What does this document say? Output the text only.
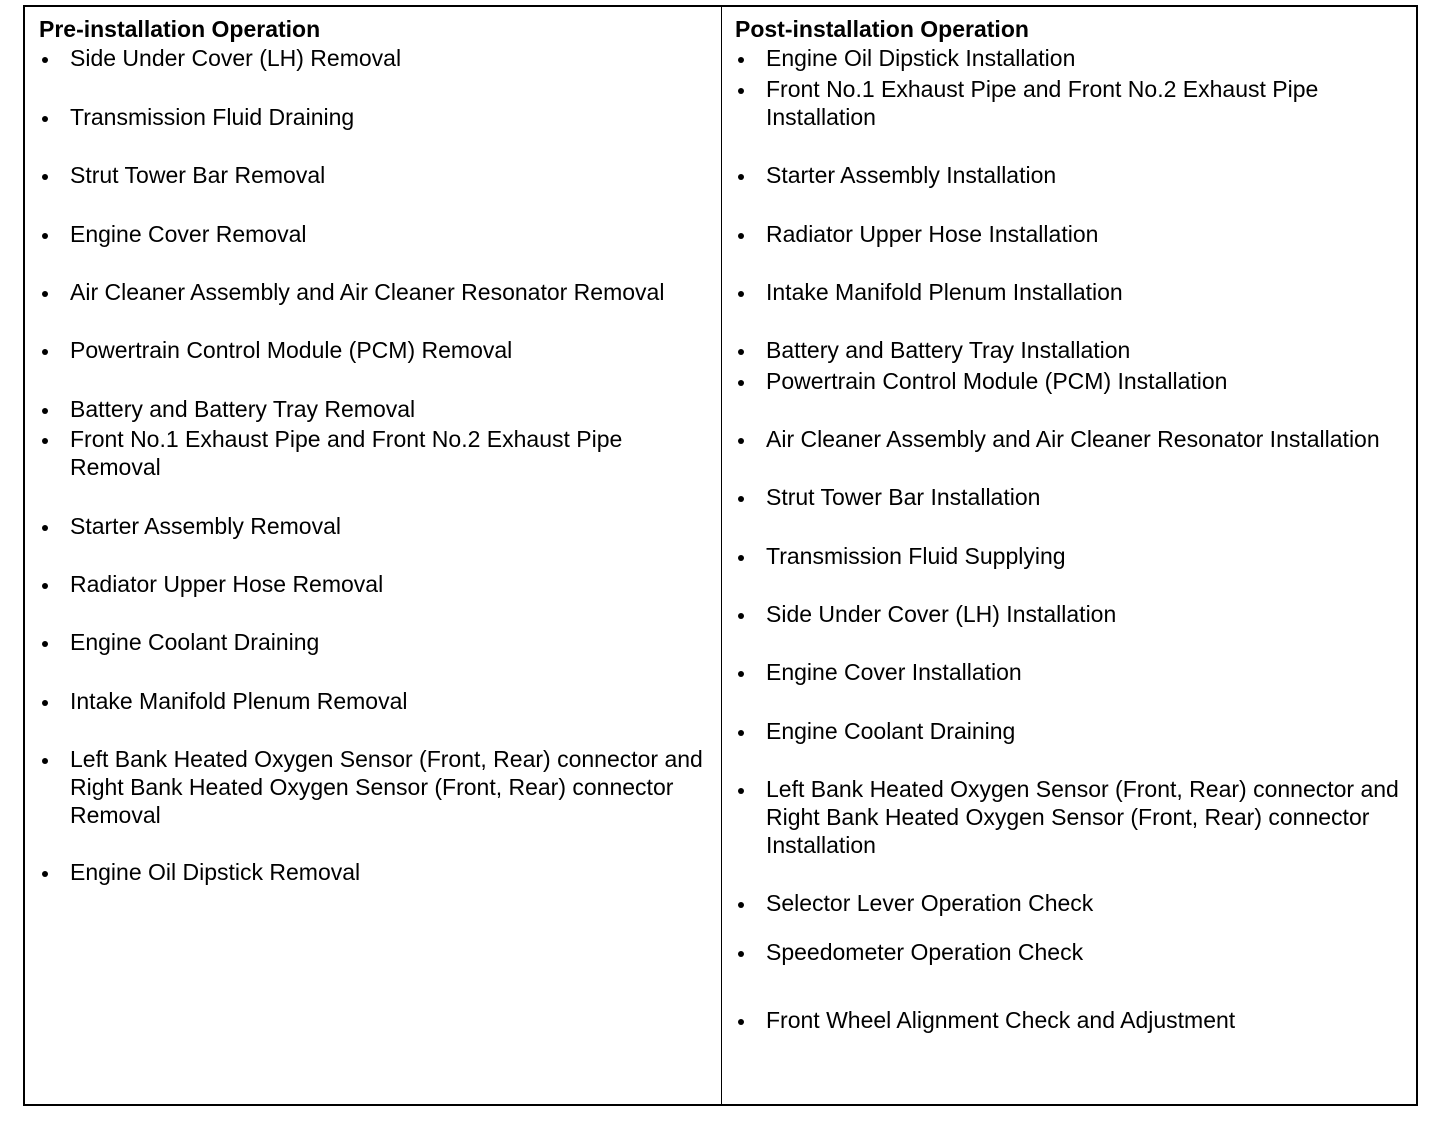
Pre-installation Operation
Side Under Cover (LH) Removal
Transmission Fluid Draining
Strut Tower Bar Removal
Engine Cover Removal
Air Cleaner Assembly and Air Cleaner Resonator Removal
Powertrain Control Module (PCM) Removal
Battery and Battery Tray Removal
Front No.1 Exhaust Pipe and Front No.2 Exhaust Pipe Removal
Starter Assembly Removal
Radiator Upper Hose Removal
Engine Coolant Draining
Intake Manifold Plenum Removal
Left Bank Heated Oxygen Sensor (Front, Rear) connector and Right Bank Heated Oxygen Sensor (Front, Rear) connector Removal
Engine Oil Dipstick Removal
Post-installation Operation
Engine Oil Dipstick Installation
Front No.1 Exhaust Pipe and Front No.2 Exhaust Pipe Installation
Starter Assembly Installation
Radiator Upper Hose Installation
Intake Manifold Plenum Installation
Battery and Battery Tray Installation
Powertrain Control Module (PCM) Installation
Air Cleaner Assembly and Air Cleaner Resonator Installation
Strut Tower Bar Installation
Transmission Fluid Supplying
Side Under Cover (LH) Installation
Engine Cover Installation
Engine Coolant Draining
Left Bank Heated Oxygen Sensor (Front, Rear) connector and Right Bank Heated Oxygen Sensor (Front, Rear) connector Installation
Selector Lever Operation Check
Speedometer Operation Check
Front Wheel Alignment Check and Adjustment
